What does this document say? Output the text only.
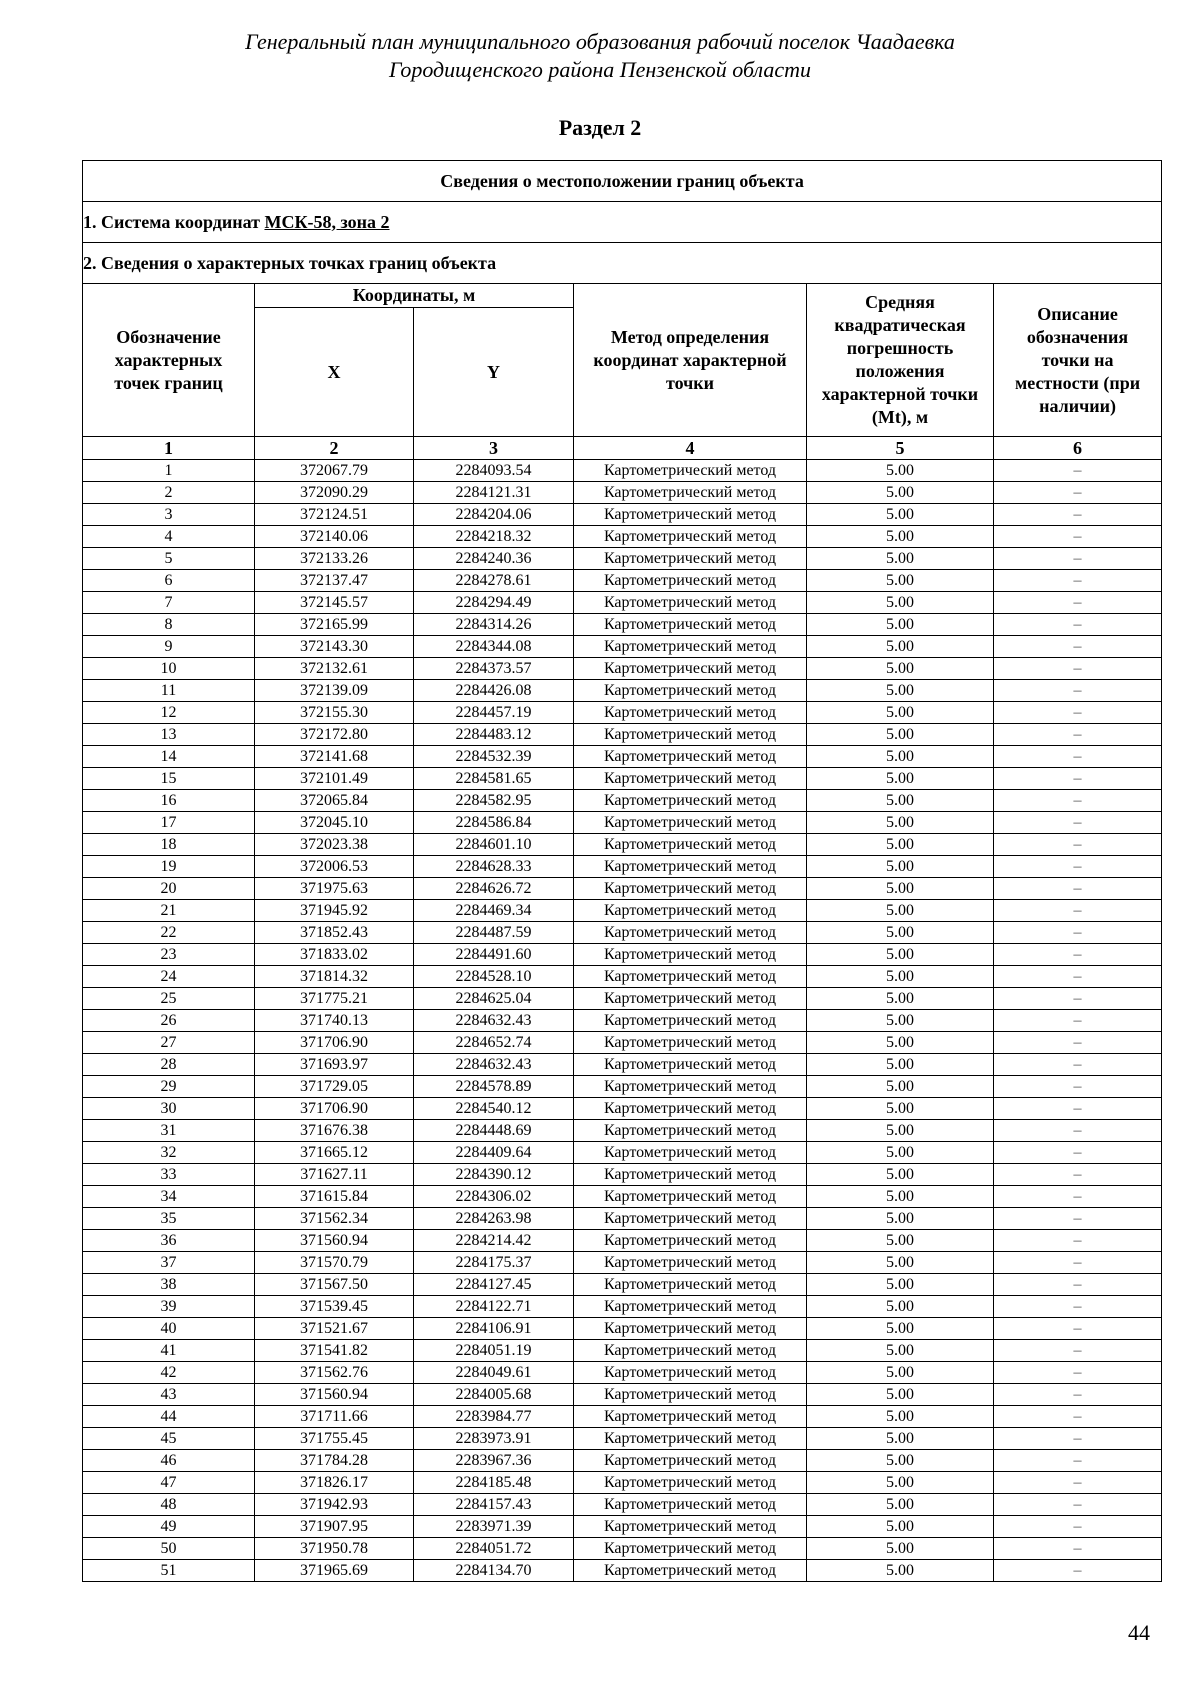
Генеральный план муниципального образования рабочий поселок Чаадаевка
Городищенского района Пензенской области
Раздел 2
Сведения о местоположении границ объекта					
1. Система координат МСК-58, зона 2					
2. Сведения о характерных точках границ объекта					
Обозначение характерных точек границ	Координаты, м		Метод определения координат характерной точки	Средняя квадратическая погрешность положения характерной точки (Mt), м	Описание обозначения точки на местности (при наличии)
	X	Y			
1	2	3	4	5	6
1	372067.79	2284093.54	Картометрический метод	5.00	–
2	372090.29	2284121.31	Картометрический метод	5.00	–
3	372124.51	2284204.06	Картометрический метод	5.00	–
4	372140.06	2284218.32	Картометрический метод	5.00	–
5	372133.26	2284240.36	Картометрический метод	5.00	–
6	372137.47	2284278.61	Картометрический метод	5.00	–
7	372145.57	2284294.49	Картометрический метод	5.00	–
8	372165.99	2284314.26	Картометрический метод	5.00	–
9	372143.30	2284344.08	Картометрический метод	5.00	–
10	372132.61	2284373.57	Картометрический метод	5.00	–
11	372139.09	2284426.08	Картометрический метод	5.00	–
12	372155.30	2284457.19	Картометрический метод	5.00	–
13	372172.80	2284483.12	Картометрический метод	5.00	–
14	372141.68	2284532.39	Картометрический метод	5.00	–
15	372101.49	2284581.65	Картометрический метод	5.00	–
16	372065.84	2284582.95	Картометрический метод	5.00	–
17	372045.10	2284586.84	Картометрический метод	5.00	–
18	372023.38	2284601.10	Картометрический метод	5.00	–
19	372006.53	2284628.33	Картометрический метод	5.00	–
20	371975.63	2284626.72	Картометрический метод	5.00	–
21	371945.92	2284469.34	Картометрический метод	5.00	–
22	371852.43	2284487.59	Картометрический метод	5.00	–
23	371833.02	2284491.60	Картометрический метод	5.00	–
24	371814.32	2284528.10	Картометрический метод	5.00	–
25	371775.21	2284625.04	Картометрический метод	5.00	–
26	371740.13	2284632.43	Картометрический метод	5.00	–
27	371706.90	2284652.74	Картометрический метод	5.00	–
28	371693.97	2284632.43	Картометрический метод	5.00	–
29	371729.05	2284578.89	Картометрический метод	5.00	–
30	371706.90	2284540.12	Картометрический метод	5.00	–
31	371676.38	2284448.69	Картометрический метод	5.00	–
32	371665.12	2284409.64	Картометрический метод	5.00	–
33	371627.11	2284390.12	Картометрический метод	5.00	–
34	371615.84	2284306.02	Картометрический метод	5.00	–
35	371562.34	2284263.98	Картометрический метод	5.00	–
36	371560.94	2284214.42	Картометрический метод	5.00	–
37	371570.79	2284175.37	Картометрический метод	5.00	–
38	371567.50	2284127.45	Картометрический метод	5.00	–
39	371539.45	2284122.71	Картометрический метод	5.00	–
40	371521.67	2284106.91	Картометрический метод	5.00	–
41	371541.82	2284051.19	Картометрический метод	5.00	–
42	371562.76	2284049.61	Картометрический метод	5.00	–
43	371560.94	2284005.68	Картометрический метод	5.00	–
44	371711.66	2283984.77	Картометрический метод	5.00	–
45	371755.45	2283973.91	Картометрический метод	5.00	–
46	371784.28	2283967.36	Картометрический метод	5.00	–
47	371826.17	2284185.48	Картометрический метод	5.00	–
48	371942.93	2284157.43	Картометрический метод	5.00	–
49	371907.95	2283971.39	Картометрический метод	5.00	–
50	371950.78	2284051.72	Картометрический метод	5.00	–
51	371965.69	2284134.70	Картометрический метод	5.00	–
44
